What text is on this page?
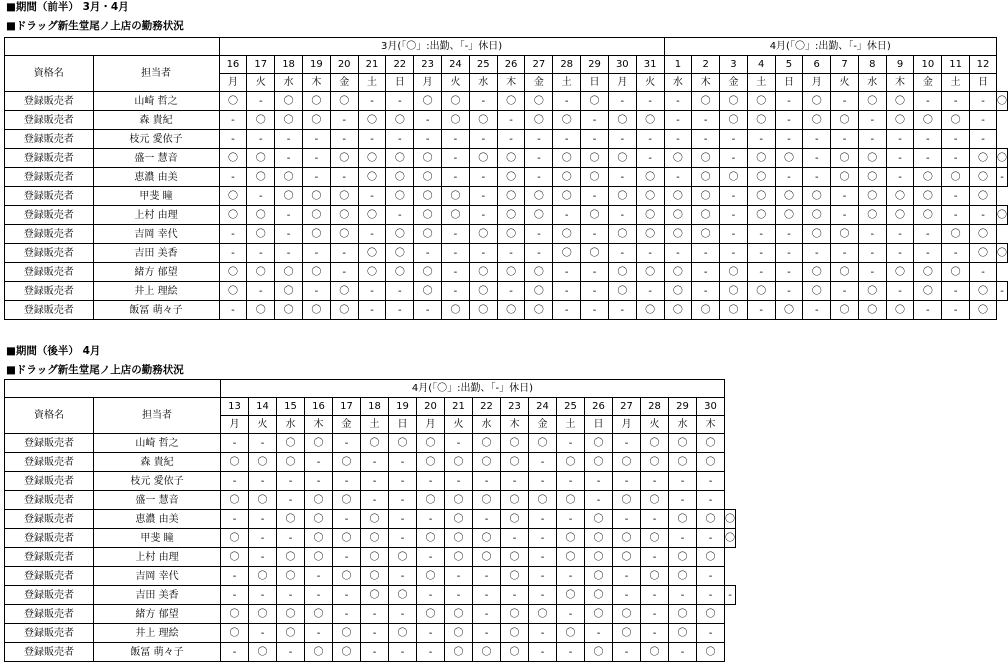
■期間（前半） 3月・4月
■ドラッグ新生堂尾ノ上店の勤務状況
		3月(「〇」:出勤、「-」休日)																4月(「〇」:出勤、「-」休日)												
資格名	担当者	16	17	18	19	20	21	22	23	24	25	26	27	28	29	30	31	1	2	3	4	5	6	7	8	9	10	11	12	
		月	火	水	木	金	土	日	月	火	水	木	金	土	日	月	火	水	木	金	土	日	月	火	水	木	金	土	日	
登録販売者	山崎 哲之	〇	-	〇	〇	〇	-	-	〇	〇	-	〇	〇	-	〇	-	-	-	〇	〇	〇	-	〇	-	〇	〇	-	-	-	〇
登録販売者	森 貴紀	-	〇	〇	〇	-	〇	〇	-	〇	〇	-	〇	〇	-	〇	〇	-	-	〇	〇	-	〇	〇	-	〇	〇	〇	-	
登録販売者	枝元 愛依子	-	-	-	-	-	-	-	-	-	-	-	-	-	-	-	-	-	-	-	-	-	-	-	-	-	-	-	-	
登録販売者	盛一 慧音	〇	〇	-	-	〇	〇	〇	〇	-	〇	〇	-	〇	〇	〇	-	〇	〇	-	〇	〇	-	〇	〇	-	-	-	〇	〇
登録販売者	恵濃 由美	-	〇	〇	-	-	〇	〇	〇	-	-	〇	-	〇	〇	-	〇	-	〇	〇	〇	-	-	〇	〇	-	〇	〇	〇	-
登録販売者	甲斐 瞳	〇	-	〇	〇	〇	-	〇	〇	〇	-	〇	〇	〇	-	〇	〇	〇	〇	-	〇	〇	〇	-	〇	〇	〇	-	〇	
登録販売者	上村 由理	〇	〇	-	〇	〇	〇	-	〇	〇	-	〇	〇	-	〇	-	〇	〇	〇	-	〇	〇	〇	-	〇	〇	〇	-	-	〇
登録販売者	吉岡 幸代	-	〇	-	〇	〇	-	〇	〇	-	〇	〇	-	〇	-	〇	〇	〇	〇	-	-	-	〇	〇	-	-	-	〇	〇	
登録販売者	吉田 美香	-	-	-	-	-	〇	〇	-	-	-	-	-	〇	〇	-	-	-	-	-	-	-	-	-	-	-	-	-	〇	〇
登録販売者	緒方 郁望	〇	〇	〇	〇	-	〇	〇	〇	-	〇	〇	〇	-	-	〇	〇	〇	-	〇	-	-	〇	〇	-	〇	〇	〇	-	
登録販売者	井上 理絵	〇	-	〇	-	〇	-	-	〇	-	〇	-	〇	-	-	〇	-	〇	-	〇	〇	-	〇	-	〇	-	〇	-	〇	-
登録販売者	飯冨 萌々子	-	〇	〇	〇	〇	-	-	-	〇	〇	〇	〇	-	-	-	〇	〇	〇	〇	-	〇	-	〇	〇	〇	-	-	〇	
■期間（後半） 4月
■ドラッグ新生堂尾ノ上店の勤務状況
		4月(「〇」:出勤、「-」休日)																		
資格名	担当者	13	14	15	16	17	18	19	20	21	22	23	24	25	26	27	28	29	30	
		月	火	水	木	金	土	日	月	火	水	木	金	土	日	月	火	水	木	
登録販売者	山崎 哲之	-	-	〇	〇	-	〇	〇	〇	-	〇	〇	〇	-	〇	-	〇	〇	〇	
登録販売者	森 貴紀	〇	〇	〇	-	〇	-	-	〇	〇	〇	〇	-	〇	〇	〇	〇	〇	〇	
登録販売者	枝元 愛依子	-	-	-	-	-	-	-	-	-	-	-	-	-	-	-	-	-	-	
登録販売者	盛一 慧音	〇	〇	-	〇	〇	-	-	〇	〇	〇	〇	〇	〇	-	〇	〇	-	-	
登録販売者	恵濃 由美	-	-	〇	〇	-	〇	-	-	〇	-	〇	-	-	〇	-	-	〇	〇	〇
登録販売者	甲斐 瞳	〇	-	-	〇	〇	〇	-	〇	〇	〇	-	-	〇	〇	〇	〇	-	-	〇
登録販売者	上村 由理	〇	-	〇	〇	-	〇	〇	-	〇	〇	〇	-	〇	〇	〇	-	〇	〇	
登録販売者	吉岡 幸代	-	〇	〇	-	〇	〇	-	〇	-	-	〇	-	-	〇	-	〇	〇	-	
登録販売者	吉田 美香	-	-	-	-	-	〇	〇	-	-	-	-	-	〇	〇	-	-	-	-	-
登録販売者	緒方 郁望	〇	〇	〇	〇	-	-	-	〇	〇	-	〇	〇	-	〇	〇	-	〇	〇	
登録販売者	井上 理絵	〇	-	〇	-	〇	-	〇	-	〇	-	〇	-	〇	-	〇	-	〇	-	
登録販売者	飯冨 萌々子	-	〇	-	〇	〇	-	-	-	〇	〇	〇	-	-	〇	-	〇	-	〇	
